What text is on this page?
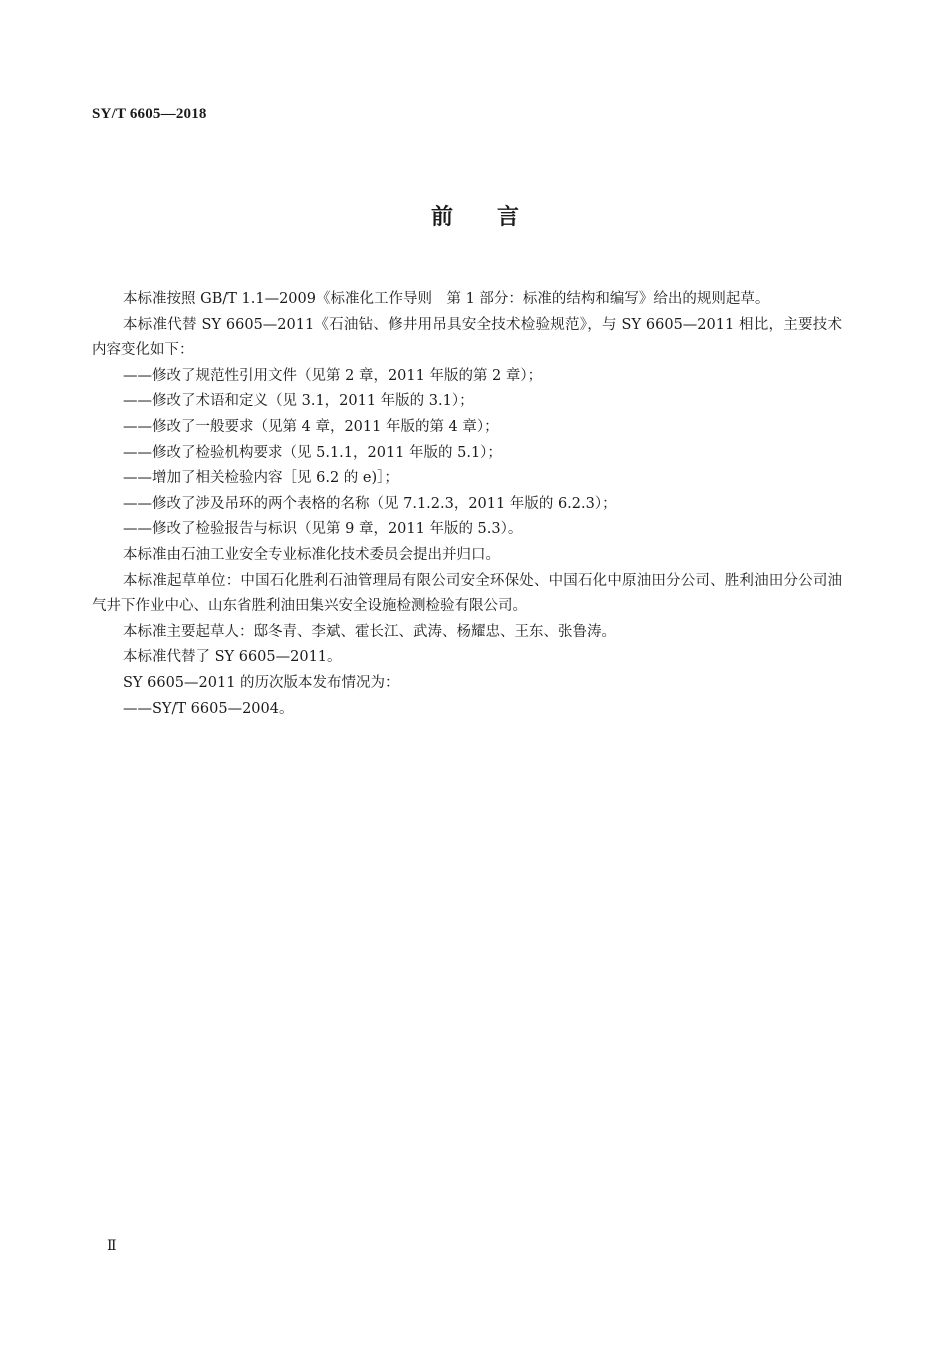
SY/T 6605—2018
前言

本标准按照 GB/T 1.1—2009《标准化工作导则　第 1 部分：标准的结构和编写》给出的规则起草。

本标准代替 SY 6605—2011《石油钻、修井用吊具安全技术检验规范》，与 SY 6605—2011 相比，主要技术内容变化如下：

——修改了规范性引用文件（见第 2 章，2011 年版的第 2 章）；

——修改了术语和定义（见 3.1，2011 年版的 3.1）；

——修改了一般要求（见第 4 章，2011 年版的第 4 章）；

——修改了检验机构要求（见 5.1.1，2011 年版的 5.1）；

——增加了相关检验内容［见 6.2 的 e)］；

——修改了涉及吊环的两个表格的名称（见 7.1.2.3，2011 年版的 6.2.3）；

——修改了检验报告与标识（见第 9 章，2011 年版的 5.3）。

本标准由石油工业安全专业标准化技术委员会提出并归口。

本标准起草单位：中国石化胜利石油管理局有限公司安全环保处、中国石化中原油田分公司、胜利油田分公司油气井下作业中心、山东省胜利油田集兴安全设施检测检验有限公司。

本标准主要起草人：邸冬青、李斌、霍长江、武涛、杨耀忠、王东、张鲁涛。

本标准代替了 SY 6605—2011。

SY 6605—2011 的历次版本发布情况为：

——SY/T 6605—2004。

Ⅱ
